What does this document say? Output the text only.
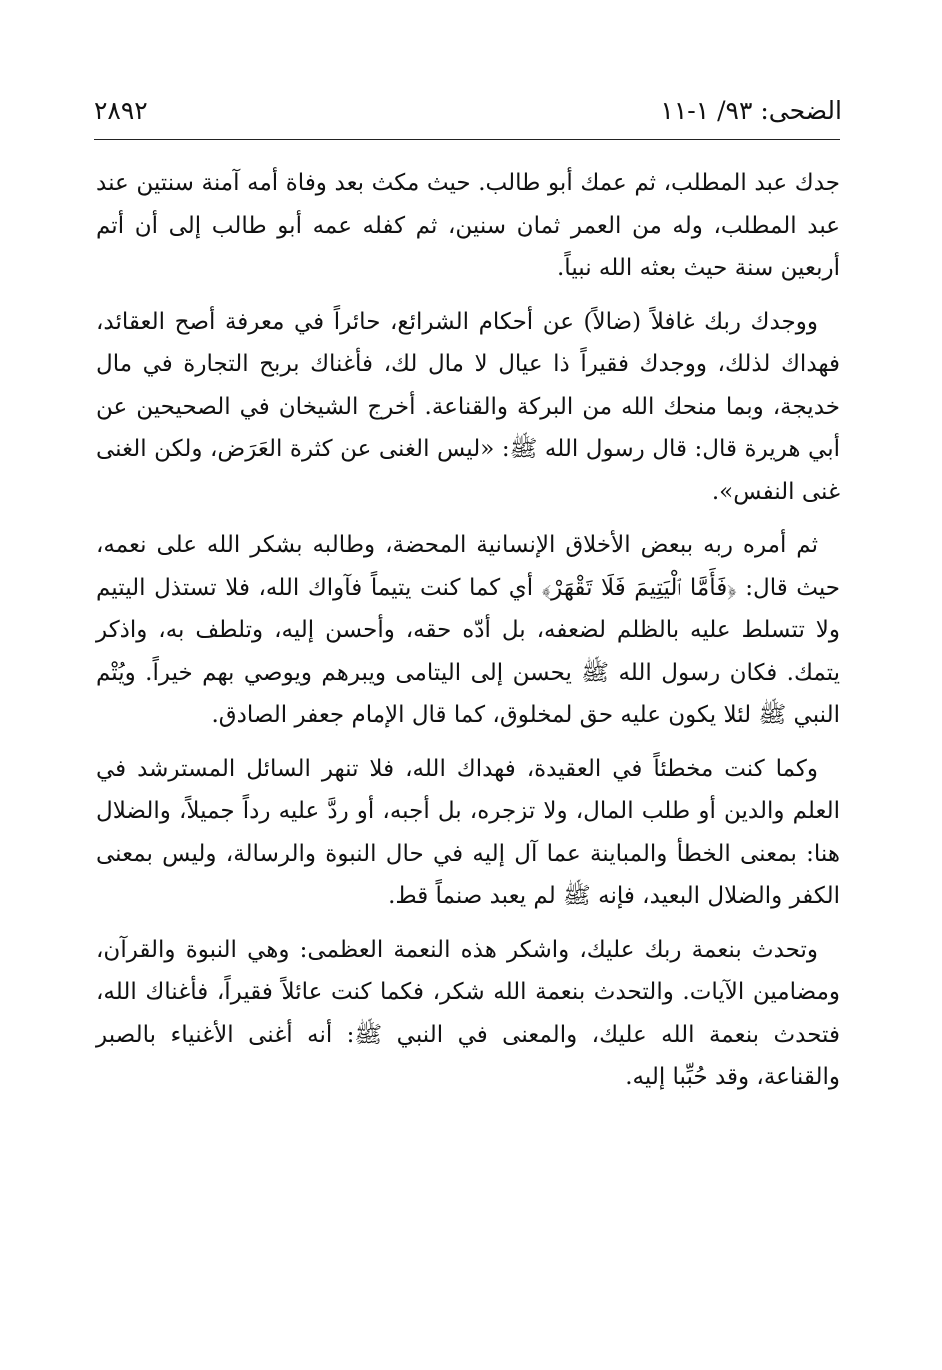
الضحى: ٩٣/ ١-١١
٢٨٩٢

جدك عبد المطلب، ثم عمك أبو طالب. حيث مكث بعد وفاة أمه آمنة سنتين عند عبد المطلب، وله من العمر ثمان سنين، ثم كفله عمه أبو طالب إلى أن أتم أربعين سنة حيث بعثه الله نبياً.

ووجدك ربك غافلاً (ضالاً) عن أحكام الشرائع، حائراً في معرفة أصح العقائد، فهداك لذلك، ووجدك فقيراً ذا عيال لا مال لك، فأغناك بربح التجارة في مال خديجة، وبما منحك الله من البركة والقناعة. أخرج الشيخان في الصحيحين عن أبي هريرة قال: قال رسول الله ﷺ: «ليس الغنى عن كثرة العَرَض، ولكن الغنى غنى النفس».

ثم أمره ربه ببعض الأخلاق الإنسانية المحضة، وطالبه بشكر الله على نعمه، حيث قال: ﴿فَأَمَّا ٱلْيَتِيمَ فَلَا تَقْهَرْ﴾ أي كما كنت يتيماً فآواك الله، فلا تستذل اليتيم ولا تتسلط عليه بالظلم لضعفه، بل أدّه حقه، وأحسن إليه، وتلطف به، واذكر يتمك. فكان رسول الله ﷺ يحسن إلى اليتامى ويبرهم ويوصي بهم خيراً. ويُتْم النبي ﷺ لئلا يكون عليه حق لمخلوق، كما قال الإمام جعفر الصادق.

وكما كنت مخطئاً في العقيدة، فهداك الله، فلا تنهر السائل المسترشد في العلم والدين أو طلب المال، ولا تزجره، بل أجبه، أو ردَّ عليه رداً جميلاً، والضلال هنا: بمعنى الخطأ والمباينة عما آل إليه في حال النبوة والرسالة، وليس بمعنى الكفر والضلال البعيد، فإنه ﷺ لم يعبد صنماً قط.

وتحدث بنعمة ربك عليك، واشكر هذه النعمة العظمى: وهي النبوة والقرآن، ومضامين الآيات. والتحدث بنعمة الله شكر، فكما كنت عائلاً فقيراً، فأغناك الله، فتحدث بنعمة الله عليك، والمعنى في النبي ﷺ: أنه أغنى الأغنياء بالصبر والقناعة، وقد حُبِّبا إليه.
